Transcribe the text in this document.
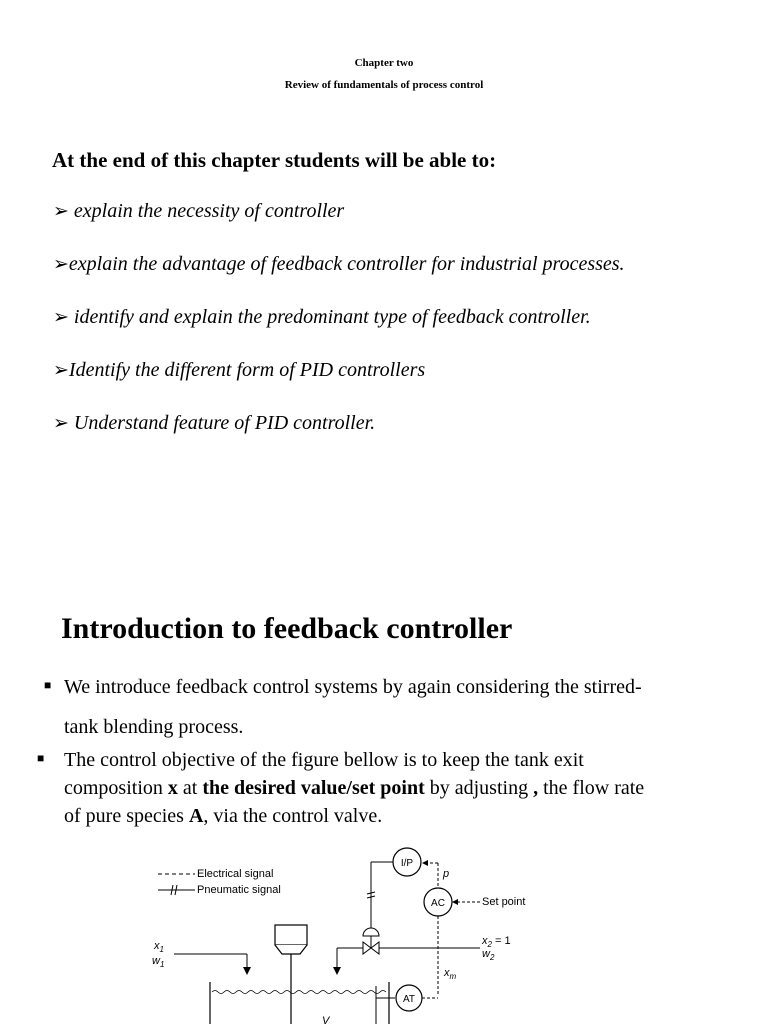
Chapter two
Review of fundamentals of process control
At the end of this chapter students will be able to:
➢ explain the necessity of controller
➢explain the advantage of feedback controller for industrial processes.
➢ identify and explain the predominant type of feedback controller.
➢Identify the different form of PID controllers
➢ Understand feature of PID controller.
Introduction to feedback controller
■ We introduce feedback control systems by again considering the stirred-
tank blending process.
■ The control objective of the figure bellow is to keep the tank exit
composition x at the desired value/set point by adjusting , the flow rate
of pure species A, via the control valve.
Electrical signal
Pneumatic signal
I/P
p
AC	Set point
$x_2 = 1$
$w_2$
$x_1$
$w_1$
V
AT
$x_m$
